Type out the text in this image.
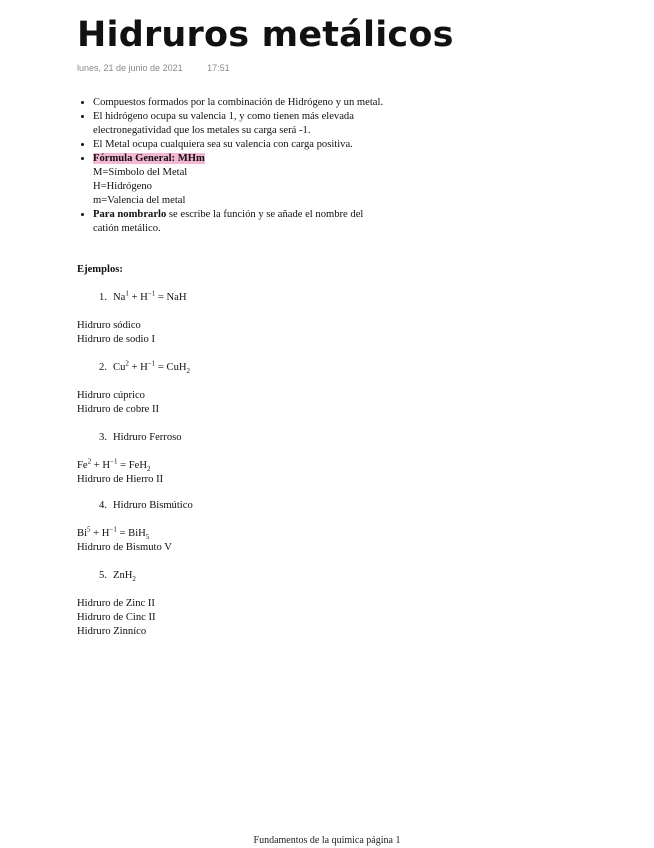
Hidruros metálicos
lunes, 21 de junio de 2021	17:51
• Compuestos formados por la combinación de Hidrógeno y un metal.
• El hidrógeno ocupa su valencia 1, y como tienen más elevada
electronegatividad que los metales su carga será -1.
• El Metal ocupa cualquiera sea su valencia con carga positiva.
• Fórmula General: MHm
M=Símbolo del Metal
H=Hidrógeno
m=Valencia del metal
• Para nombrarlo se escribe la función y se añade el nombre del
catión metálico.
Ejemplos:
1. $Na^1 + H^{-1}$ = NaH
Hidruro sódico
Hidruro de sodio I
2. $Cu^2 + H^{-1} = CuH_2$
Hidruro cúprico
Hidruro de cobre II
3. Hidruro Ferroso
$Fe^2 + H^{-1} = FeH_2$
Hidruro de Hierro II
4. Hidruro Bismútico
$Bi^5 + H^{-1} = BiH_5$
Hidruro de Bismuto V
5. ZnH$_2$
Hidruro de Zinc II
Hidruro de Cinc II
Hidruro Zinníco
Fundamentos de la química página 1
